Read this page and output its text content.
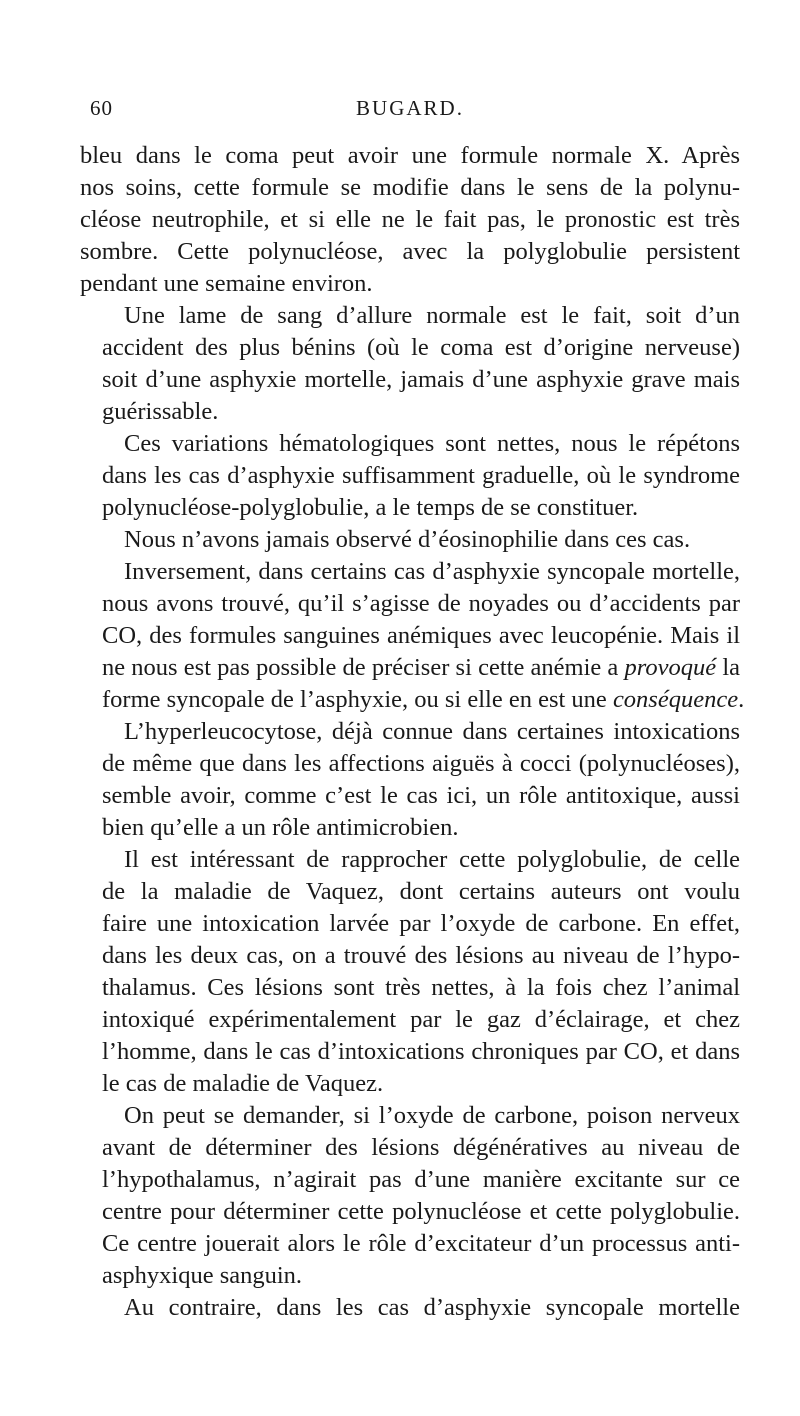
60	BUGARD.

bleu dans le coma peut avoir une formule normale X. Après
nos soins, cette formule se modifie dans le sens de la polynu-
cléose neutrophile, et si elle ne le fait pas, le pronostic est très
sombre. Cette polynucléose, avec la polyglobulie persistent
pendant une semaine environ.

Une lame de sang d’allure normale est le fait, soit d’un
accident des plus bénins (où le coma est d’origine nerveuse)
soit d’une asphyxie mortelle, jamais d’une asphyxie grave mais
guérissable.

Ces variations hématologiques sont nettes, nous le répétons
dans les cas d’asphyxie suffisamment graduelle, où le syndrome
polynucléose-polyglobulie, a le temps de se constituer.

Nous n’avons jamais observé d’éosinophilie dans ces cas.

Inversement, dans certains cas d’asphyxie syncopale mortelle,
nous avons trouvé, qu’il s’agisse de noyades ou d’accidents par
CO, des formules sanguines anémiques avec leucopénie. Mais il
ne nous est pas possible de préciser si cette anémie a provoqué la
forme syncopale de l’asphyxie, ou si elle en est une conséquence.

L’hyperleucocytose, déjà connue dans certaines intoxications
de même que dans les affections aiguës à cocci (polynucléoses),
semble avoir, comme c’est le cas ici, un rôle antitoxique, aussi
bien qu’elle a un rôle antimicrobien.

Il est intéressant de rapprocher cette polyglobulie, de celle
de la maladie de Vaquez, dont certains auteurs ont voulu
faire une intoxication larvée par l’oxyde de carbone. En effet,
dans les deux cas, on a trouvé des lésions au niveau de l’hypo-
thalamus. Ces lésions sont très nettes, à la fois chez l’animal
intoxiqué expérimentalement par le gaz d’éclairage, et chez
l’homme, dans le cas d’intoxications chroniques par CO, et dans
le cas de maladie de Vaquez.

On peut se demander, si l’oxyde de carbone, poison nerveux
avant de déterminer des lésions dégénératives au niveau de
l’hypothalamus, n’agirait pas d’une manière excitante sur ce
centre pour déterminer cette polynucléose et cette polyglobulie.
Ce centre jouerait alors le rôle d’excitateur d’un processus anti-
asphyxique sanguin.

Au contraire, dans les cas d’asphyxie syncopale mortelle
